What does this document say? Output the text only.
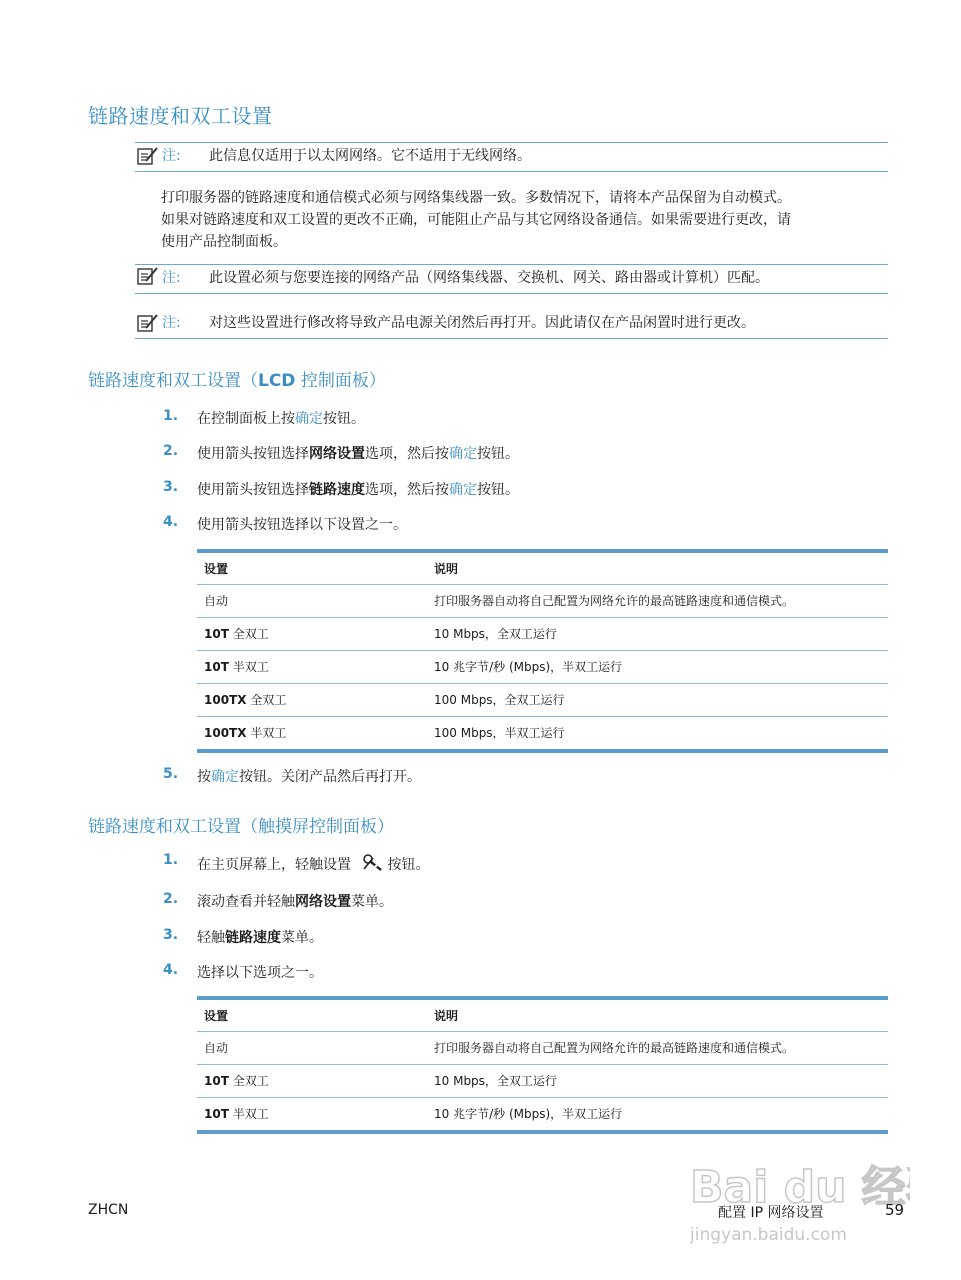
链路速度和双工设置
注: 此信息仅适用于以太网网络。它不适用于无线网络。
打印服务器的链路速度和通信模式必须与网络集线器一致。多数情况下，请将本产品保留为自动模式。
如果对链路速度和双工设置的更改不正确，可能阻止产品与其它网络设备通信。如果需要进行更改，请
使用产品控制面板。
注: 此设置必须与您要连接的网络产品（网络集线器、交换机、网关、路由器或计算机）匹配。
注: 对这些设置进行修改将导致产品电源关闭然后再打开。因此请仅在产品闲置时进行更改。
链路速度和双工设置（LCD 控制面板）
1. 在控制面板上按确定按钮。
2. 使用箭头按钮选择网络设置选项，然后按确定按钮。
3. 使用箭头按钮选择链路速度选项，然后按确定按钮。
4. 使用箭头按钮选择以下设置之一。
设置	说明
自动	打印服务器自动将自己配置为网络允许的最高链路速度和通信模式。
10T 全双工	10 Mbps，全双工运行
10T 半双工	10 兆字节/秒 (Mbps)，半双工运行
100TX 全双工	100 Mbps，全双工运行
100TX 半双工	100 Mbps，半双工运行
5. 按确定按钮。关闭产品然后再打开。
链路速度和双工设置（触摸屏控制面板）
1. 在主页屏幕上，轻触设置	按钮。
2. 滚动查看并轻触网络设置菜单。
3. 轻触链路速度菜单。
4. 选择以下选项之一。
设置	说明
自动	打印服务器自动将自己配置为网络允许的最高链路速度和通信模式。
10T 全双工	10 Mbps，全双工运行
10T 半双工	10 兆字节/秒 (Mbps)，半双工运行
Bai du 经
jingyan.baidu.com
ZHCN	配置 IP 网络设置	59
